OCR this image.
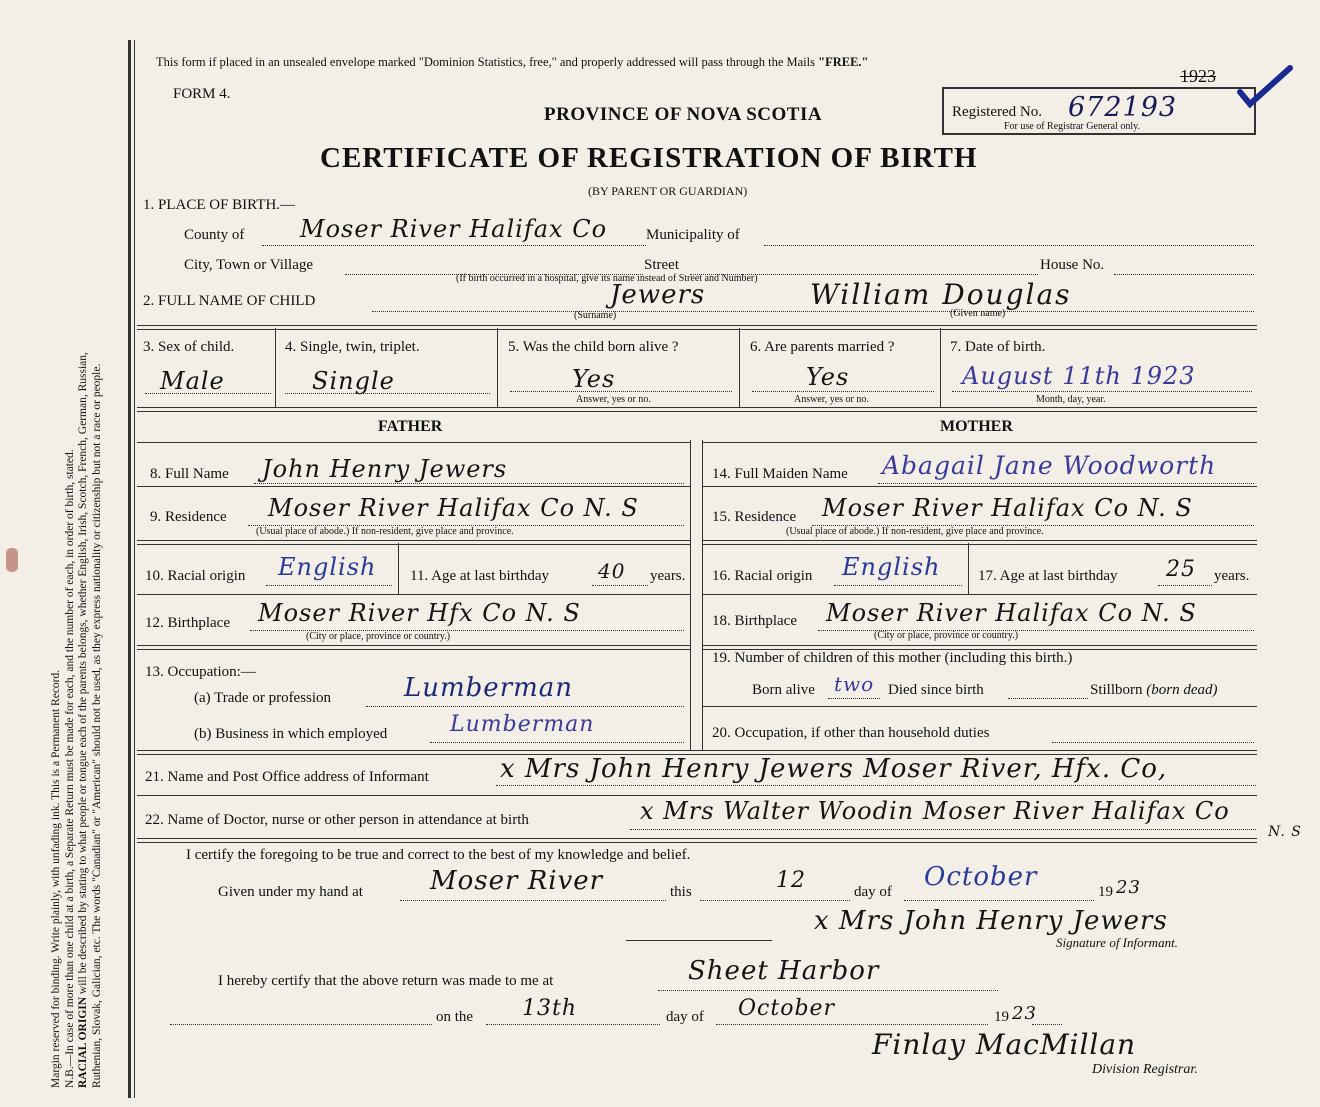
Margin reserved for binding. Write plainly, with unfading ink. This is a Permanent Record. N.B.—In case of more than one child at a birth, a Separate Return must be made for each, and the number of each, in order of birth, stated. RACIAL ORIGIN will be described by stating to what people or tongue each of the parents belongs, whether English, Irish, Scotch, French, German, Russian, Ruthenian, Slovak, Galician, etc. The words "Canadian" or "American" should not be used, as they express nationality or citizenship but not a race or people.
This form if placed in an unsealed envelope marked "Dominion Statistics, free," and properly addressed will pass through the Mails "FREE."
FORM 4.
PROVINCE OF NOVA SCOTIA
CERTIFICATE OF REGISTRATION OF BIRTH
(BY PARENT OR GUARDIAN)
Registered No. 672193
1923
For use of Registrar General only.
1. PLACE OF BIRTH.—
County of Moser River Halifax Co	Municipality of
City, Town or Village	Street	House No.
(If birth occurred in a hospital, give its name instead of Street and Number)
2. FULL NAME OF CHILD	Jewers	William Douglas
(Surname)	(Given name)
3. Sex of child.
Male
4. Single, twin, triplet.
Single
5. Was the child born alive ?
Yes
Answer, yes or no.
6. Are parents married ?
Yes
Answer, yes or no.
7. Date of birth.
August 11th 1923
Month, day, year.
FATHER	MOTHER
8. Full Name John Henry Jewers
9. Residence Moser River Halifax Co N. S
(Usual place of abode.) If non-resident, give place and province.
10. Racial origin English 11. Age at last birthday 40 years.
12. Birthplace Moser River Hfx Co N. S
(City or place, province or country.)
13. Occupation:—
(a) Trade or profession	Lumberman
(b) Business in which employed	Lumberman
14. Full Maiden Name Abagail Jane Woodworth
15. Residence Moser River Halifax Co N. S
(Usual place of abode.) If non-resident, give place and province.
16. Racial origin English	17. Age at last birthday 25 years.
18. Birthplace Moser River Halifax Co N. S
(City or place, province or country.)
19. Number of children of this mother (including this birth.)
Born alive two Died since birth	Stillborn (born dead)
20. Occupation, if other than household duties
21. Name and Post Office address of Informant	x Mrs John Henry Jewers Moser River, Hfx. Co,
22. Name of Doctor, nurse or other person in attendance at birth	x Mrs Walter Woodin Moser River Halifax Co
N. S
I certify the foregoing to be true and correct to the best of my knowledge and belief.
Given under my hand at	Moser River	this	12	day of October	19 23
x Mrs John Henry Jewers
Signature of Informant.
I hereby certify that the above return was made to me at	Sheet Harbor
on the 13th	day of October	19 23
Finlay MacMillan
Division Registrar.
